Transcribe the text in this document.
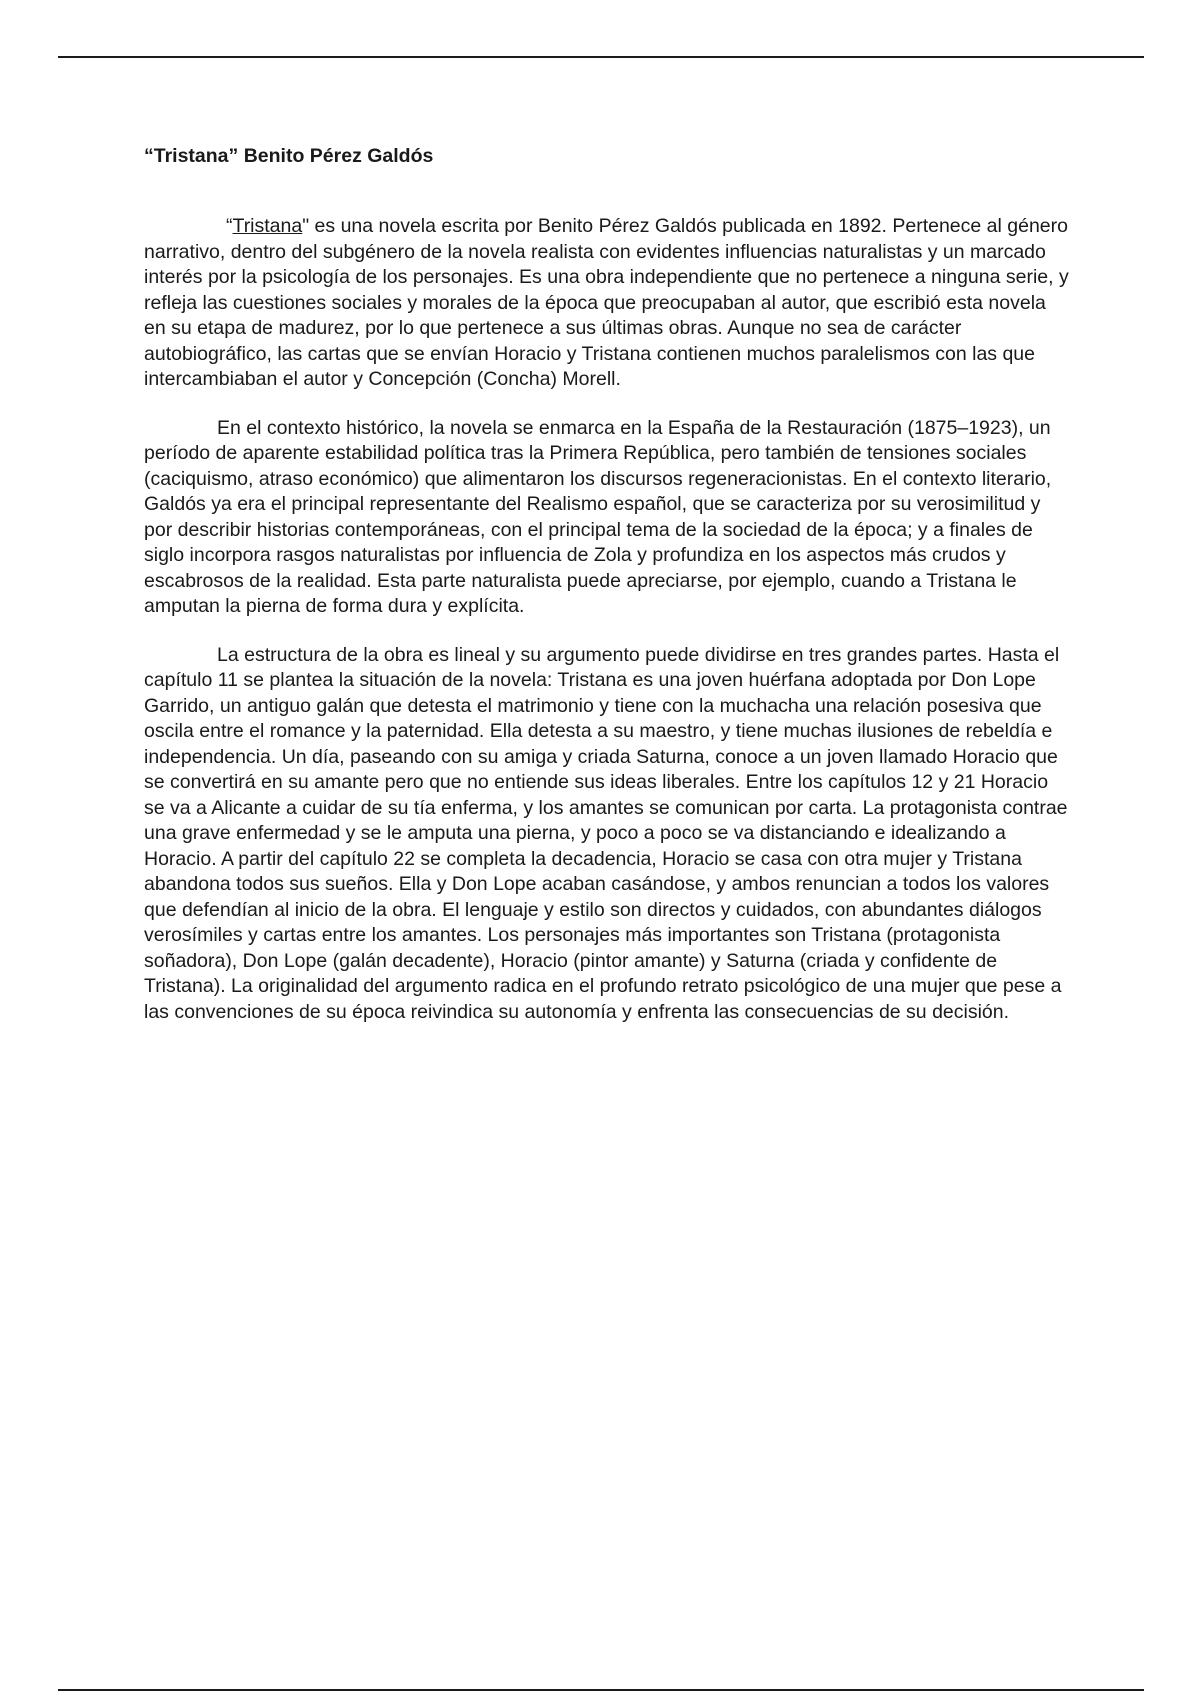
“Tristana” Benito Pérez Galdós

“Tristana" es una novela escrita por Benito Pérez Galdós publicada en 1892. Pertenece al género narrativo, dentro del subgénero de la novela realista con evidentes influencias naturalistas y un marcado interés por la psicología de los personajes. Es una obra independiente que no pertenece a ninguna serie, y refleja las cuestiones sociales y morales de la época que preocupaban al autor, que escribió esta novela en su etapa de madurez, por lo que pertenece a sus últimas obras. Aunque no sea de carácter autobiográfico, las cartas que se envían Horacio y Tristana contienen muchos paralelismos con las que intercambiaban el autor y Concepción (Concha) Morell.

En el contexto histórico, la novela se enmarca en la España de la Restauración (1875–1923), un período de aparente estabilidad política tras la Primera República, pero también de tensiones sociales (caciquismo, atraso económico) que alimentaron los discursos regeneracionistas. En el contexto literario, Galdós ya era el principal representante del Realismo español, que se caracteriza por su verosimilitud y por describir historias contemporáneas, con el principal tema de la sociedad de la época; y a finales de siglo incorpora rasgos naturalistas por influencia de Zola y profundiza en los aspectos más crudos y escabrosos de la realidad. Esta parte naturalista puede apreciarse, por ejemplo, cuando a Tristana le amputan la pierna de forma dura y explícita.

La estructura de la obra es lineal y su argumento puede dividirse en tres grandes partes. Hasta el capítulo 11 se plantea la situación de la novela: Tristana es una joven huérfana adoptada por Don Lope Garrido, un antiguo galán que detesta el matrimonio y tiene con la muchacha una relación posesiva que oscila entre el romance y la paternidad. Ella detesta a su maestro, y tiene muchas ilusiones de rebeldía e independencia. Un día, paseando con su amiga y criada Saturna, conoce a un joven llamado Horacio que se convertirá en su amante pero que no entiende sus ideas liberales. Entre los capítulos 12 y 21 Horacio se va a Alicante a cuidar de su tía enferma, y los amantes se comunican por carta. La protagonista contrae una grave enfermedad y se le amputa una pierna, y poco a poco se va distanciando e idealizando a Horacio. A partir del capítulo 22 se completa la decadencia, Horacio se casa con otra mujer y Tristana abandona todos sus sueños. Ella y Don Lope acaban casándose, y ambos renuncian a todos los valores que defendían al inicio de la obra. El lenguaje y estilo son directos y cuidados, con abundantes diálogos verosímiles y cartas entre los amantes. Los personajes más importantes son Tristana (protagonista soñadora), Don Lope (galán decadente), Horacio (pintor amante) y Saturna (criada y confidente de Tristana). La originalidad del argumento radica en el profundo retrato psicológico de una mujer que pese a las convenciones de su época reivindica su autonomía y enfrenta las consecuencias de su decisión.
